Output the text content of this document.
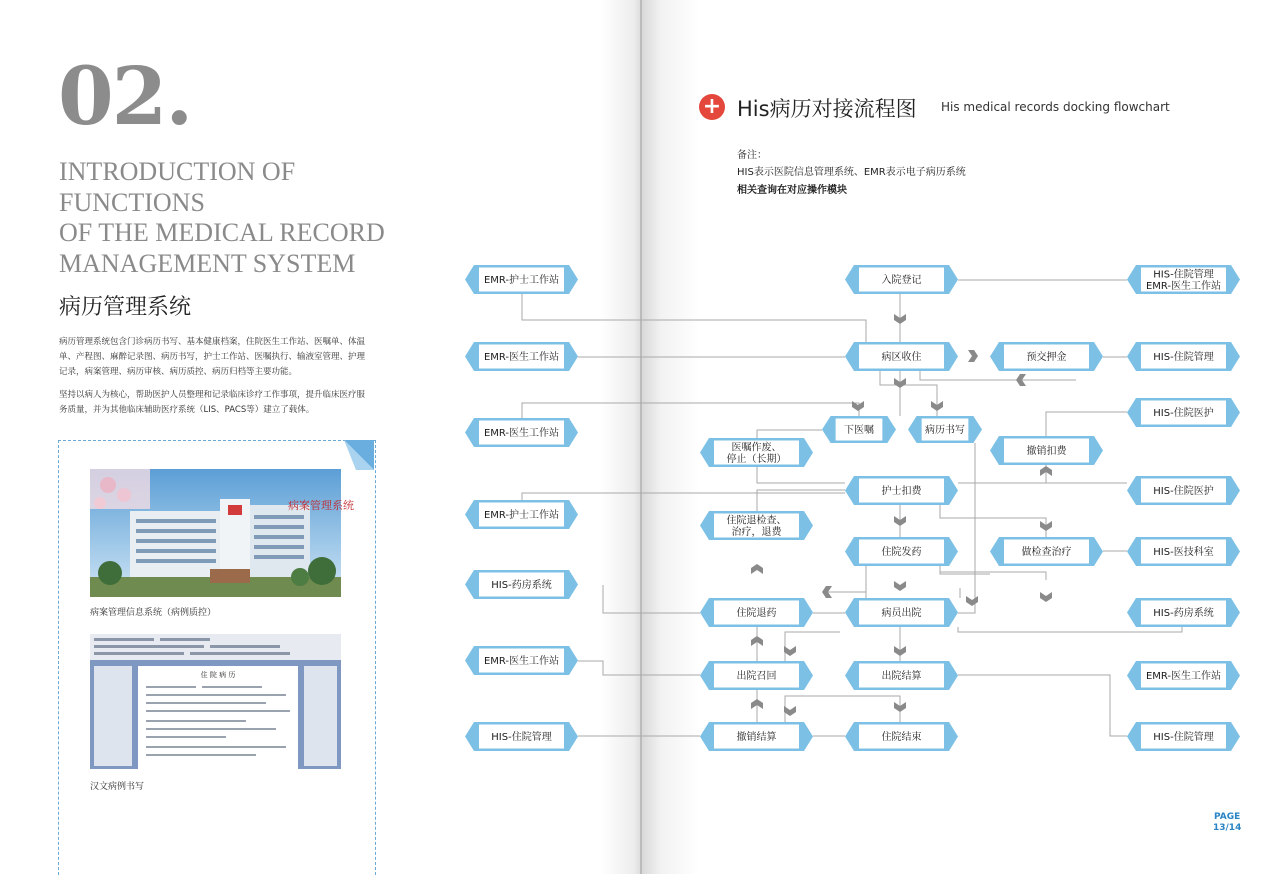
02.
INTRODUCTION OF
FUNCTIONS
OF THE MEDICAL RECORD
MANAGEMENT SYSTEM
病历管理系统
病历管理系统包含门诊病历书写、基本健康档案，住院医生工作站、医嘱单、体温
单、产程图、麻醉记录图、病历书写，护士工作站、医嘱执行、输液室管理、护理
记录，病案管理、病历审核、病历质控、病历归档等主要功能。
坚持以病人为核心，帮助医护人员整理和记录临床诊疗工作事项，提升临床医疗服
务质量，并为其他临床辅助医疗系统（LIS、PACS等）建立了载体。
病案管理系统
病案管理信息系统（病例质控）
住 院 病 历
汉文病例书写
+ His病历对接流程图 His medical records docking flowchart
备注：
HIS表示医院信息管理系统、EMR表示电子病历系统
相关查询在对应操作模块
PAGE
13/14
EMR-护士工作站
EMR-医生工作站
EMR-医生工作站
EMR-护士工作站
HIS-药房系统
EMR-医生工作站
HIS-住院管理
入院登记
病区收住	预交押金
下医嘱	病历书写
医嘱作废、
停止（长期）
撤销扣费
护士扣费
住院退检查、
治疗，退费
住院发药	做检查治疗
住院退药	病员出院
出院召回	出院结算
撤销结算	住院结束
HIS-住院管理
EMR-医生工作站
HIS-住院管理
HIS-住院医护
HIS-住院医护
HIS-医技科室
HIS-药房系统
EMR-医生工作站
HIS-住院管理
